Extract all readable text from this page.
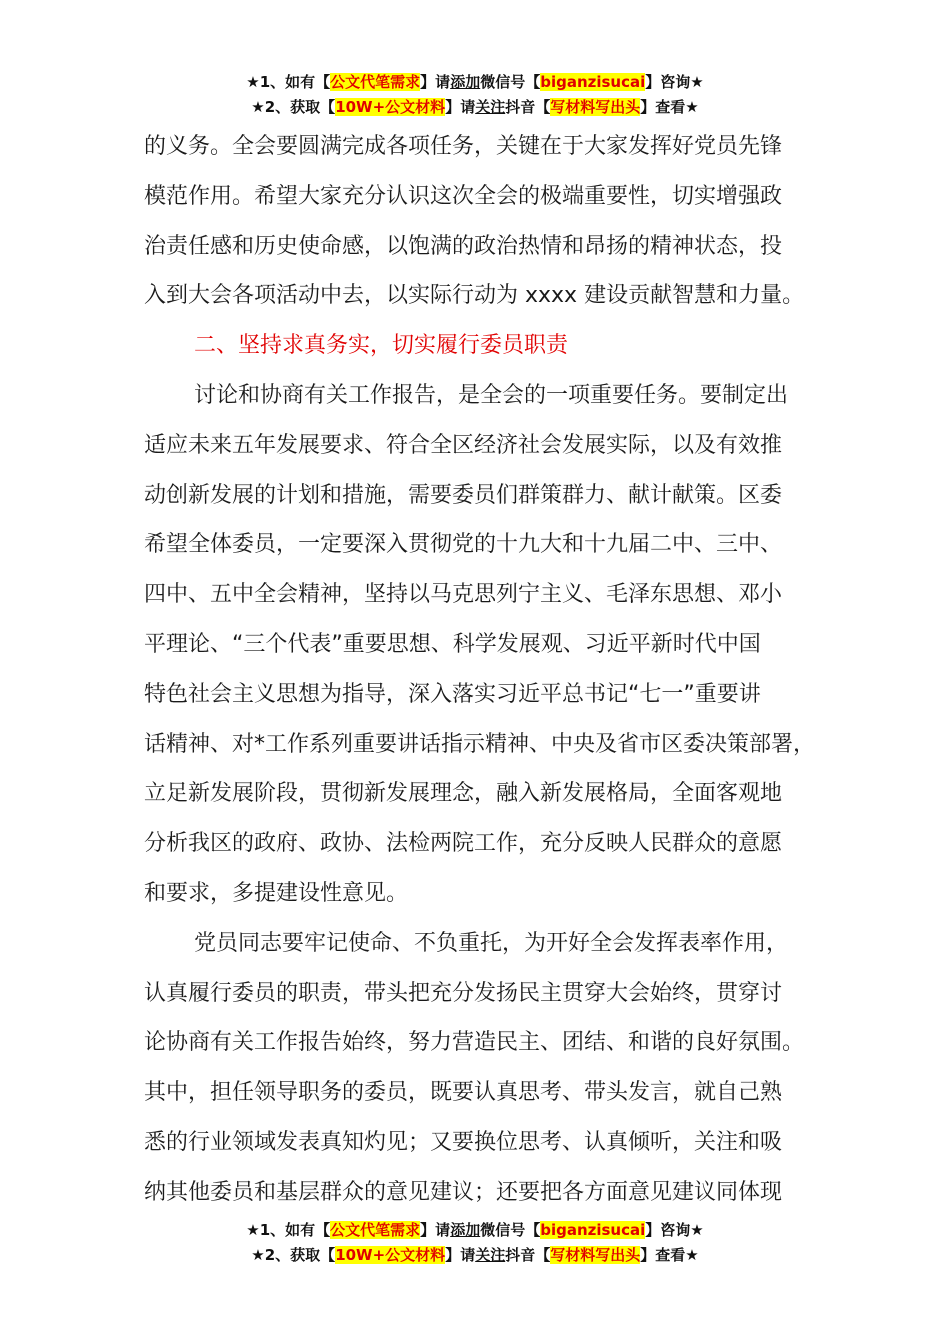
★1、如有【公文代笔需求】请添加微信号【biganzisucai】咨询★
★2、获取【10W+公文材料】请关注抖音【写材料写出头】查看★

的义务。全会要圆满完成各项任务，关键在于大家发挥好党员先锋

模范作用。希望大家充分认识这次全会的极端重要性，切实增强政

治责任感和历史使命感，以饱满的政治热情和昂扬的精神状态，投

入到大会各项活动中去，以实际行动为 xxxx 建设贡献智慧和力量。

二、坚持求真务实，切实履行委员职责

讨论和协商有关工作报告，是全会的一项重要任务。要制定出

适应未来五年发展要求、符合全区经济社会发展实际，以及有效推

动创新发展的计划和措施，需要委员们群策群力、献计献策。区委

希望全体委员，一定要深入贯彻党的十九大和十九届二中、三中、

四中、五中全会精神，坚持以马克思列宁主义、毛泽东思想、邓小

平理论、“三个代表”重要思想、科学发展观、习近平新时代中国

特色社会主义思想为指导，深入落实习近平总书记“七一”重要讲

话精神、对*工作系列重要讲话指示精神、中央及省市区委决策部署，

立足新发展阶段，贯彻新发展理念，融入新发展格局，全面客观地

分析我区的政府、政协、法检两院工作，充分反映人民群众的意愿

和要求，多提建设性意见。

党员同志要牢记使命、不负重托，为开好全会发挥表率作用，

认真履行委员的职责，带头把充分发扬民主贯穿大会始终，贯穿讨

论协商有关工作报告始终，努力营造民主、团结、和谐的良好氛围。

其中，担任领导职务的委员，既要认真思考、带头发言，就自己熟

悉的行业领域发表真知灼见；又要换位思考、认真倾听，关注和吸

纳其他委员和基层群众的意见建议；还要把各方面意见建议同体现

★1、如有【公文代笔需求】请添加微信号【biganzisucai】咨询★
★2、获取【10W+公文材料】请关注抖音【写材料写出头】查看★
